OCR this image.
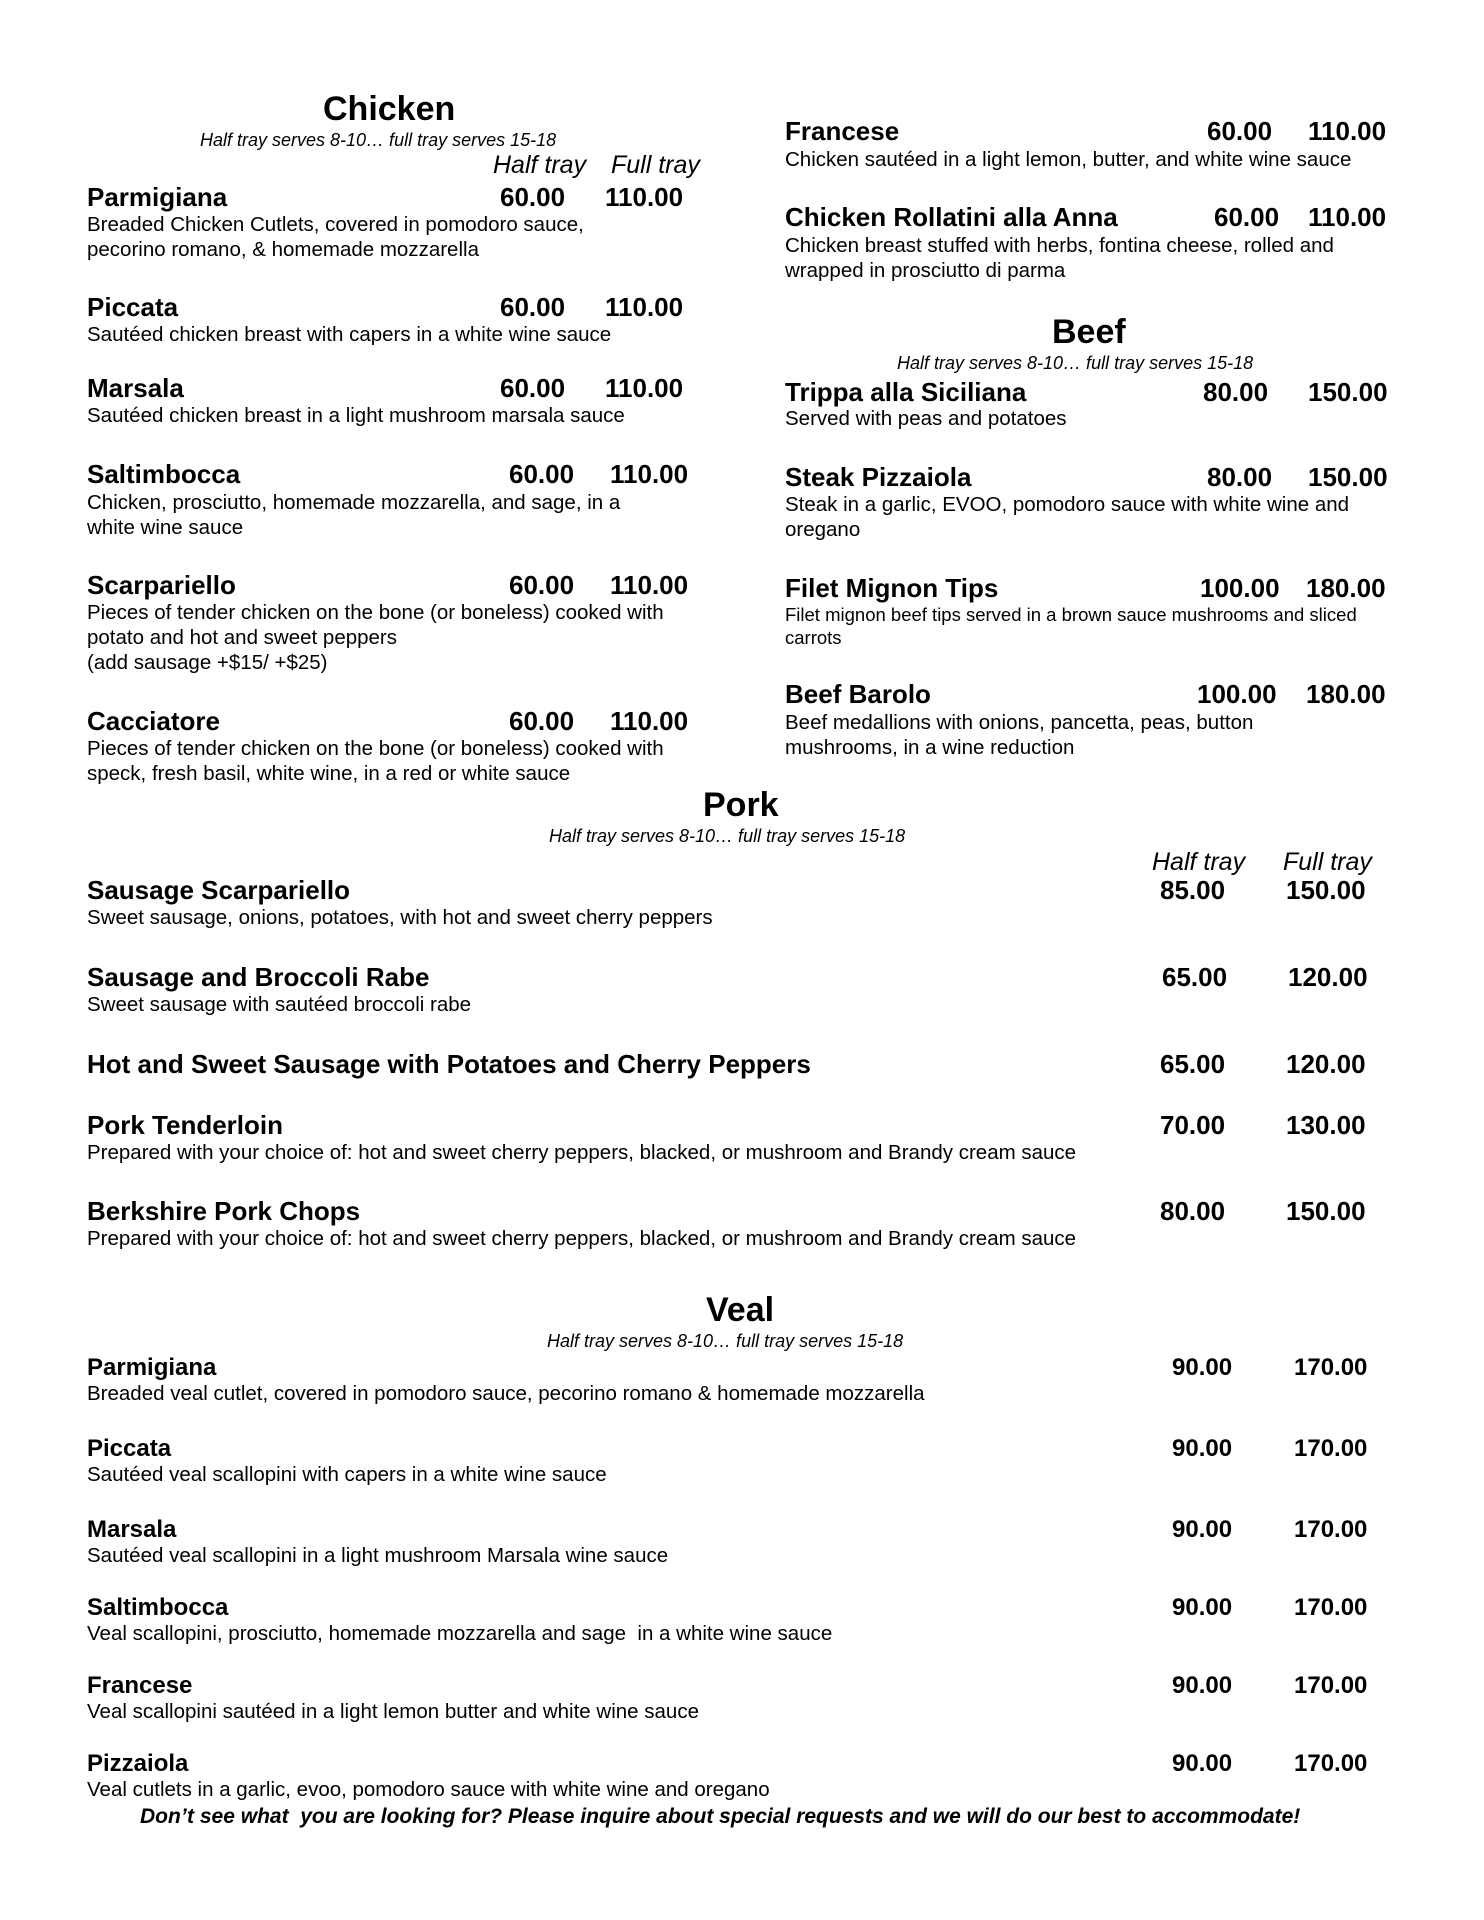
Chicken
Half tray serves 8-10… full tray serves 15-18
Half tray Full tray
Parmigiana	60.00 110.00
Breaded Chicken Cutlets, covered in pomodoro sauce, pecorino romano, & homemade mozzarella
Piccata	60.00 110.00
Sautéed chicken breast with capers in a white wine sauce
Marsala	60.00 110.00
Sautéed chicken breast in a light mushroom marsala sauce
Saltimbocca	60.00 110.00
Chicken, prosciutto, homemade mozzarella, and sage, in a white wine sauce
Scarpariello	60.00 110.00
Pieces of tender chicken on the bone (or boneless) cooked with potato and hot and sweet peppers
(add sausage +$15/ +$25)
Cacciatore	60.00 110.00
Pieces of tender chicken on the bone (or boneless) cooked with speck, fresh basil, white wine, in a red or white sauce
Francese	60.00 110.00
Chicken sautéed in a light lemon, butter, and white wine sauce
Chicken Rollatini alla Anna	60.00 110.00
Chicken breast stuffed with herbs, fontina cheese, rolled and wrapped in prosciutto di parma
Beef
Half tray serves 8-10… full tray serves 15-18
Trippa alla Siciliana	80.00 150.00
Served with peas and potatoes
Steak Pizzaiola	80.00 150.00
Steak in a garlic, EVOO, pomodoro sauce with white wine and oregano
Filet Mignon Tips	100.00 180.00
Filet mignon beef tips served in a brown sauce mushrooms and sliced carrots
Beef Barolo	100.00 180.00
Beef medallions with onions, pancetta, peas, button mushrooms, in a wine reduction
Pork
Half tray serves 8-10… full tray serves 15-18
Half tray Full tray
Sausage Scarpariello	85.00 150.00
Sweet sausage, onions, potatoes, with hot and sweet cherry peppers
Sausage and Broccoli Rabe	65.00 120.00
Sweet sausage with sautéed broccoli rabe
Hot and Sweet Sausage with Potatoes and Cherry Peppers	65.00 120.00
Pork Tenderloin	70.00 130.00
Prepared with your choice of: hot and sweet cherry peppers, blacked, or mushroom and Brandy cream sauce
Berkshire Pork Chops	80.00 150.00
Prepared with your choice of: hot and sweet cherry peppers, blacked, or mushroom and Brandy cream sauce
Veal
Half tray serves 8-10… full tray serves 15-18
Parmigiana	90.00	170.00
Breaded veal cutlet, covered in pomodoro sauce, pecorino romano & homemade mozzarella
Piccata	90.00	170.00
Sautéed veal scallopini with capers in a white wine sauce
Marsala	90.00	170.00
Sautéed veal scallopini in a light mushroom Marsala wine sauce
Saltimbocca	90.00	170.00
Veal scallopini, prosciutto, homemade mozzarella and sage  in a white wine sauce
Francese	90.00	170.00
Veal scallopini sautéed in a light lemon butter and white wine sauce
Pizzaiola	90.00	170.00
Veal cutlets in a garlic, evoo, pomodoro sauce with white wine and oregano
Don’t see what  you are looking for? Please inquire about special requests and we will do our best to accommodate!
